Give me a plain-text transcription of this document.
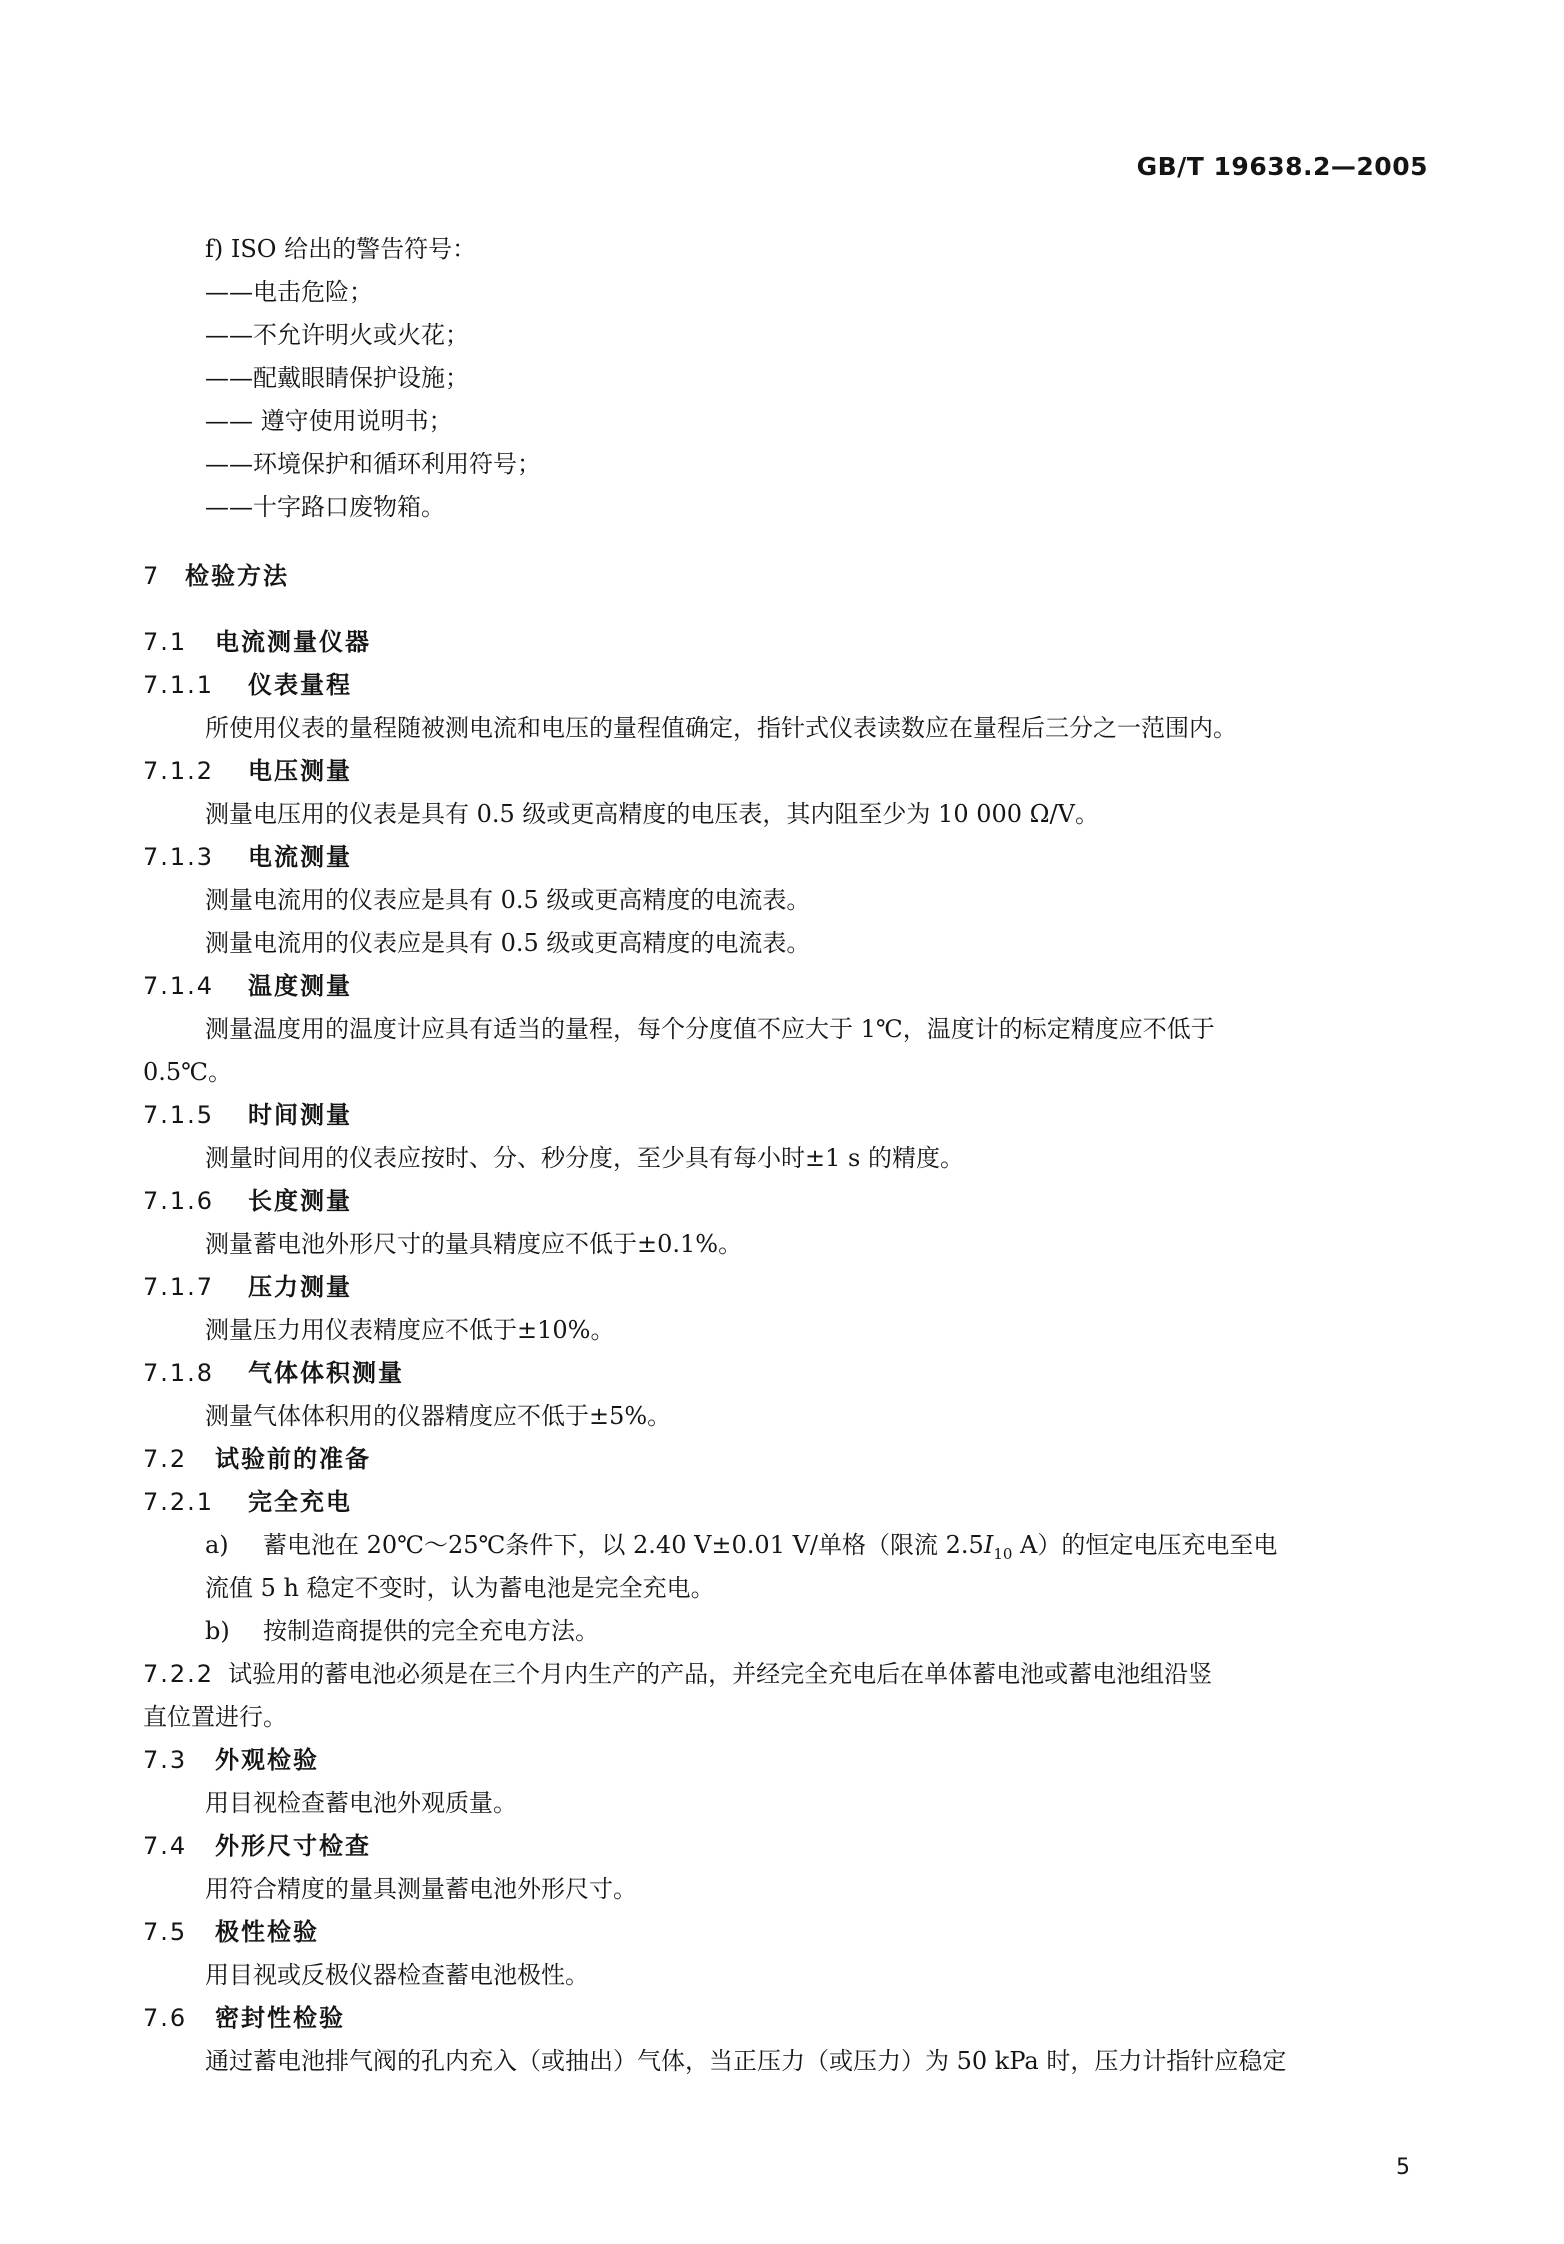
GB/T 19638.2—2005
f) ISO 给出的警告符号：
——电击危险；
——不允许明火或火花；
——配戴眼睛保护设施；
—— 遵守使用说明书；
——环境保护和循环利用符号；
——十字路口废物箱。
7 检验方法
7.1 电流测量仪器
7.1.1 仪表量程
所使用仪表的量程随被测电流和电压的量程值确定，指针式仪表读数应在量程后三分之一范围内。
7.1.2 电压测量
测量电压用的仪表是具有 0.5 级或更高精度的电压表，其内阻至少为 10 000 Ω/V。
7.1.3 电流测量
测量电流用的仪表应是具有 0.5 级或更高精度的电流表。
测量电流用的仪表应是具有 0.5 级或更高精度的电流表。
7.1.4 温度测量
测量温度用的温度计应具有适当的量程，每个分度值不应大于 1℃，温度计的标定精度应不低于
0.5℃。
7.1.5 时间测量
测量时间用的仪表应按时、分、秒分度，至少具有每小时±1 s 的精度。
7.1.6 长度测量
测量蓄电池外形尺寸的量具精度应不低于±0.1%。
7.1.7 压力测量
测量压力用仪表精度应不低于±10%。
7.1.8 气体体积测量
测量气体体积用的仪器精度应不低于±5%。
7.2 试验前的准备
7.2.1 完全充电
a) 蓄电池在 20℃～25℃条件下，以 2.40 V±0.01 V/单格（限流 $2.5I_{10}$ A）的恒定电压充电至电
流值 5 h 稳定不变时，认为蓄电池是完全充电。
b) 按制造商提供的完全充电方法。
7.2.2 试验用的蓄电池必须是在三个月内生产的产品，并经完全充电后在单体蓄电池或蓄电池组沿竖
直位置进行。
7.3 外观检验
用目视检查蓄电池外观质量。
7.4 外形尺寸检查
用符合精度的量具测量蓄电池外形尺寸。
7.5 极性检验
用目视或反极仪器检查蓄电池极性。
7.6 密封性检验
通过蓄电池排气阀的孔内充入（或抽出）气体，当正压力（或压力）为 50 kPa 时，压力计指针应稳定
5
